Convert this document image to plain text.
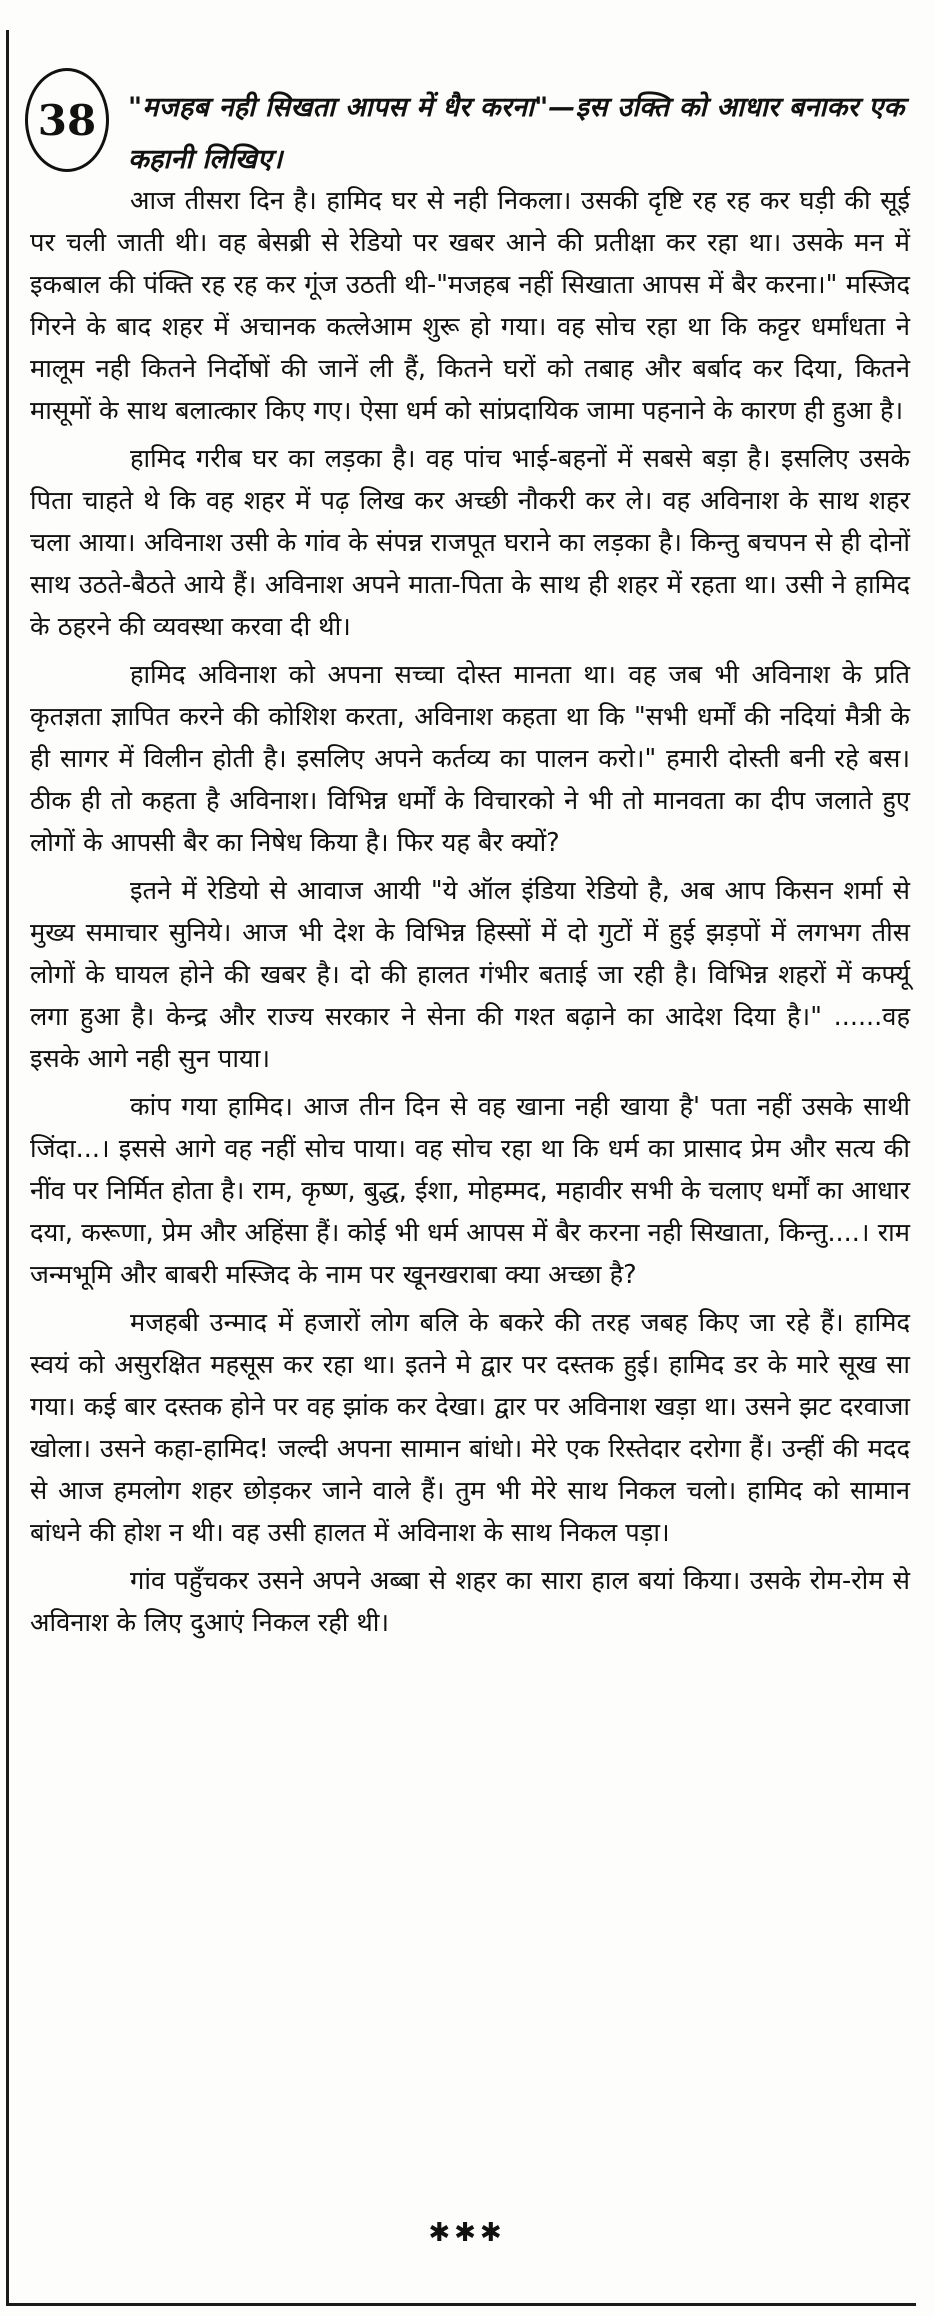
38	"मजहब नही सिखता आपस में धैर करना"—इस उक्ति को आधार बनाकर एक कहानी लिखिए।

आज तीसरा दिन है। हामिद घर से नही निकला। उसकी दृष्टि रह रह कर घड़ी की सूई पर चली जाती थी। वह बेसब्री से रेडियो पर खबर आने की प्रतीक्षा कर रहा था। उसके मन में इकबाल की पंक्ति रह रह कर गूंज उठती थी-"मजहब नहीं सिखाता आपस में बैर करना।" मस्जिद गिरने के बाद शहर में अचानक कत्लेआम शुरू हो गया। वह सोच रहा था कि कट्टर धर्मांधता ने मालूम नही कितने निर्दोषों की जानें ली हैं, कितने घरों को तबाह और बर्बाद कर दिया, कितने मासूमों के साथ बलात्कार किए गए। ऐसा धर्म को सांप्रदायिक जामा पहनाने के कारण ही हुआ है।

हामिद गरीब घर का लड़का है। वह पांच भाई-बहनों में सबसे बड़ा है। इसलिए उसके पिता चाहते थे कि वह शहर में पढ़ लिख कर अच्छी नौकरी कर ले। वह अविनाश के साथ शहर चला आया। अविनाश उसी के गांव के संपन्न राजपूत घराने का लड़का है। किन्तु बचपन से ही दोनों साथ उठते-बैठते आये हैं। अविनाश अपने माता-पिता के साथ ही शहर में रहता था। उसी ने हामिद के ठहरने की व्यवस्था करवा दी थी।

हामिद अविनाश को अपना सच्चा दोस्त मानता था। वह जब भी अविनाश के प्रति कृतज्ञता ज्ञापित करने की कोशिश करता, अविनाश कहता था कि "सभी धर्मों की नदियां मैत्री के ही सागर में विलीन होती है। इसलिए अपने कर्तव्य का पालन करो।" हमारी दोस्ती बनी रहे बस। ठीक ही तो कहता है अविनाश। विभिन्न धर्मों के विचारको ने भी तो मानवता का दीप जलाते हुए लोगों के आपसी बैर का निषेध किया है। फिर यह बैर क्यों?

इतने में रेडियो से आवाज आयी "ये ऑल इंडिया रेडियो है, अब आप किसन शर्मा से मुख्य समाचार सुनिये। आज भी देश के विभिन्न हिस्सों में दो गुटों में हुई झड़पों में लगभग तीस लोगों के घायल होने की खबर है। दो की हालत गंभीर बताई जा रही है। विभिन्न शहरों में कर्फ्यू लगा हुआ है। केन्द्र और राज्य सरकार ने सेना की गश्त बढ़ाने का आदेश दिया है।" ......वह इसके आगे नही सुन पाया।

कांप गया हामिद। आज तीन दिन से वह खाना नही खाया है' पता नहीं उसके साथी जिंदा...। इससे आगे वह नहीं सोच पाया। वह सोच रहा था कि धर्म का प्रासाद प्रेम और सत्य की नींव पर निर्मित होता है। राम, कृष्ण, बुद्ध, ईशा, मोहम्मद, महावीर सभी के चलाए धर्मों का आधार दया, करूणा, प्रेम और अहिंसा हैं। कोई भी धर्म आपस में बैर करना नही सिखाता, किन्तु....। राम जन्मभूमि और बाबरी मस्जिद के नाम पर खूनखराबा क्या अच्छा है?

मजहबी उन्माद में हजारों लोग बलि के बकरे की तरह जबह किए जा रहे हैं। हामिद स्वयं को असुरक्षित महसूस कर रहा था। इतने मे द्वार पर दस्तक हुई। हामिद डर के मारे सूख सा गया। कई बार दस्तक होने पर वह झांक कर देखा। द्वार पर अविनाश खड़ा था। उसने झट दरवाजा खोला। उसने कहा-हामिद! जल्दी अपना सामान बांधो। मेरे एक रिस्तेदार दरोगा हैं। उन्हीं की मदद से आज हमलोग शहर छोड़कर जाने वाले हैं। तुम भी मेरे साथ निकल चलो। हामिद को सामान बांधने की होश न थी। वह उसी हालत में अविनाश के साथ निकल पड़ा।

गांव पहुँचकर उसने अपने अब्बा से शहर का सारा हाल बयां किया। उसके रोम-रोम से अविनाश के लिए दुआएं निकल रही थी।

✱✱✱
